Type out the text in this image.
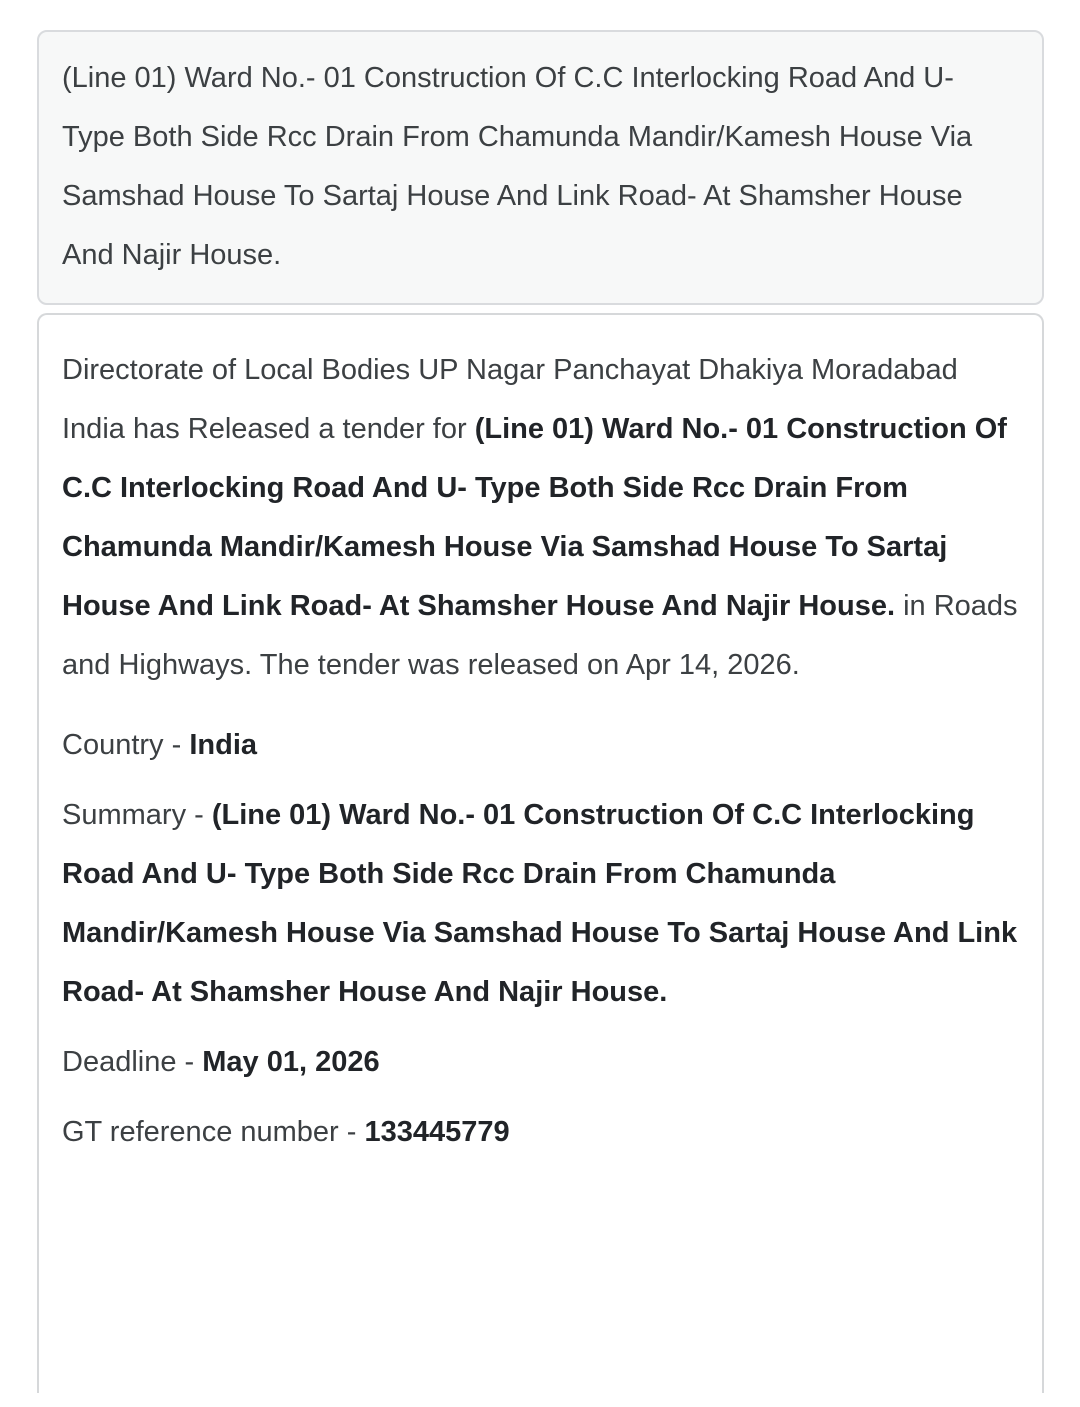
(Line 01) Ward No.- 01 Construction Of C.C Interlocking Road And U- Type Both Side Rcc Drain From Chamunda Mandir/Kamesh House Via Samshad House To Sartaj House And Link Road- At Shamsher House And Najir House.

Directorate of Local Bodies UP Nagar Panchayat Dhakiya Moradabad India has Released a tender for (Line 01) Ward No.- 01 Construction Of C.C Interlocking Road And U- Type Both Side Rcc Drain From Chamunda Mandir/Kamesh House Via Samshad House To Sartaj House And Link Road- At Shamsher House And Najir House. in Roads and Highways. The tender was released on Apr 14, 2026.

Country - India

Summary - (Line 01) Ward No.- 01 Construction Of C.C Interlocking Road And U- Type Both Side Rcc Drain From Chamunda Mandir/Kamesh House Via Samshad House To Sartaj House And Link Road- At Shamsher House And Najir House.

Deadline - May 01, 2026

GT reference number - 133445779
